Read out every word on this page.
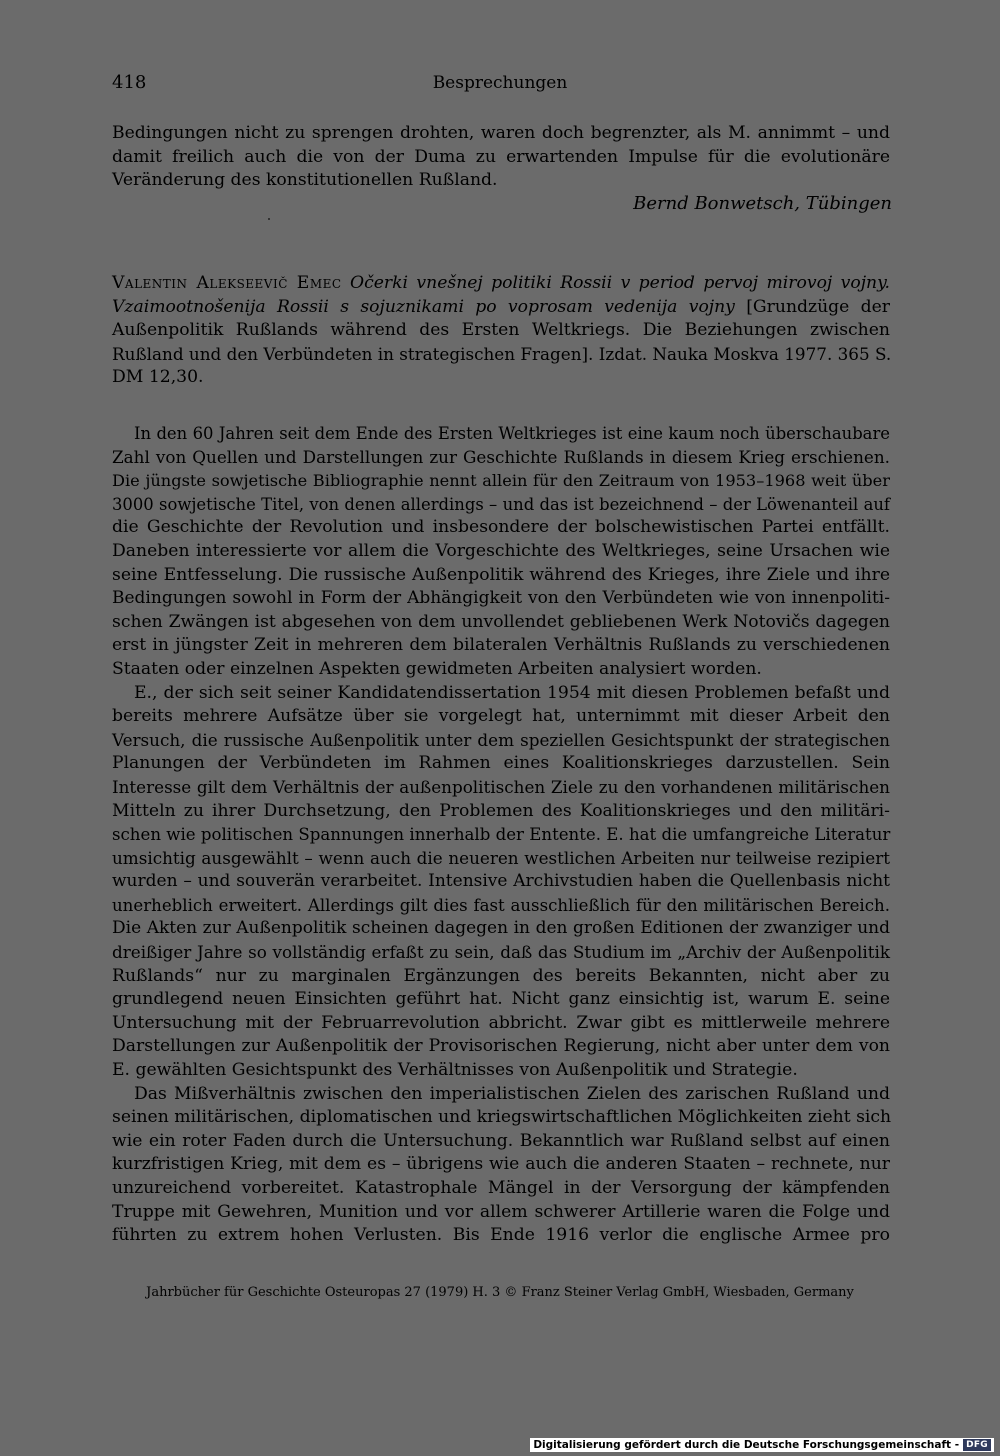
418	Besprechungen
Bedingungen nicht zu sprengen drohten, waren doch begrenzter, als M. annimmt – und
damit freilich auch die von der Duma zu erwartenden Impulse für die evolutionäre
Veränderung des konstitutionellen Rußland.
Bernd Bonwetsch, Tübingen
Valentin Alekseevič Emec Očerki vnešnej politiki Rossii v period pervoj mirovoj vojny.
Vzaimootnošenija Rossii s sojuznikami po voprosam vedenija vojny [Grundzüge der
Außenpolitik Rußlands während des Ersten Weltkriegs. Die Beziehungen zwischen
Rußland und den Verbündeten in strategischen Fragen]. Izdat. Nauka Moskva 1977. 365 S.
DM 12,30.
In den 60 Jahren seit dem Ende des Ersten Weltkrieges ist eine kaum noch überschaubare
Zahl von Quellen und Darstellungen zur Geschichte Rußlands in diesem Krieg erschienen.
Die jüngste sowjetische Bibliographie nennt allein für den Zeitraum von 1953–1968 weit über
3000 sowjetische Titel, von denen allerdings – und das ist bezeichnend – der Löwenanteil auf
die Geschichte der Revolution und insbesondere der bolschewistischen Partei entfällt.
Daneben interessierte vor allem die Vorgeschichte des Weltkrieges, seine Ursachen wie
seine Entfesselung. Die russische Außenpolitik während des Krieges, ihre Ziele und ihre
Bedingungen sowohl in Form der Abhängigkeit von den Verbündeten wie von innenpoliti-
schen Zwängen ist abgesehen von dem unvollendet gebliebenen Werk Notovičs dagegen
erst in jüngster Zeit in mehreren dem bilateralen Verhältnis Rußlands zu verschiedenen
Staaten oder einzelnen Aspekten gewidmeten Arbeiten analysiert worden.
E., der sich seit seiner Kandidatendissertation 1954 mit diesen Problemen befaßt und
bereits mehrere Aufsätze über sie vorgelegt hat, unternimmt mit dieser Arbeit den
Versuch, die russische Außenpolitik unter dem speziellen Gesichtspunkt der strategischen
Planungen der Verbündeten im Rahmen eines Koalitionskrieges darzustellen. Sein
Interesse gilt dem Verhältnis der außenpolitischen Ziele zu den vorhandenen militärischen
Mitteln zu ihrer Durchsetzung, den Problemen des Koalitionskrieges und den militäri-
schen wie politischen Spannungen innerhalb der Entente. E. hat die umfangreiche Literatur
umsichtig ausgewählt – wenn auch die neueren westlichen Arbeiten nur teilweise rezipiert
wurden – und souverän verarbeitet. Intensive Archivstudien haben die Quellenbasis nicht
unerheblich erweitert. Allerdings gilt dies fast ausschließlich für den militärischen Bereich.
Die Akten zur Außenpolitik scheinen dagegen in den großen Editionen der zwanziger und
dreißiger Jahre so vollständig erfaßt zu sein, daß das Studium im „Archiv der Außenpolitik
Rußlands“ nur zu marginalen Ergänzungen des bereits Bekannten, nicht aber zu
grundlegend neuen Einsichten geführt hat. Nicht ganz einsichtig ist, warum E. seine
Untersuchung mit der Februarrevolution abbricht. Zwar gibt es mittlerweile mehrere
Darstellungen zur Außenpolitik der Provisorischen Regierung, nicht aber unter dem von
E. gewählten Gesichtspunkt des Verhältnisses von Außenpolitik und Strategie.
Das Mißverhältnis zwischen den imperialistischen Zielen des zarischen Rußland und
seinen militärischen, diplomatischen und kriegswirtschaftlichen Möglichkeiten zieht sich
wie ein roter Faden durch die Untersuchung. Bekanntlich war Rußland selbst auf einen
kurzfristigen Krieg, mit dem es – übrigens wie auch die anderen Staaten – rechnete, nur
unzureichend vorbereitet. Katastrophale Mängel in der Versorgung der kämpfenden
Truppe mit Gewehren, Munition und vor allem schwerer Artillerie waren die Folge und
führten zu extrem hohen Verlusten. Bis Ende 1916 verlor die englische Armee pro
Jahrbücher für Geschichte Osteuropas 27 (1979) H. 3 © Franz Steiner Verlag GmbH, Wiesbaden, Germany
Digitalisierung gefördert durch die Deutsche Forschungsgemeinschaft - DFG
